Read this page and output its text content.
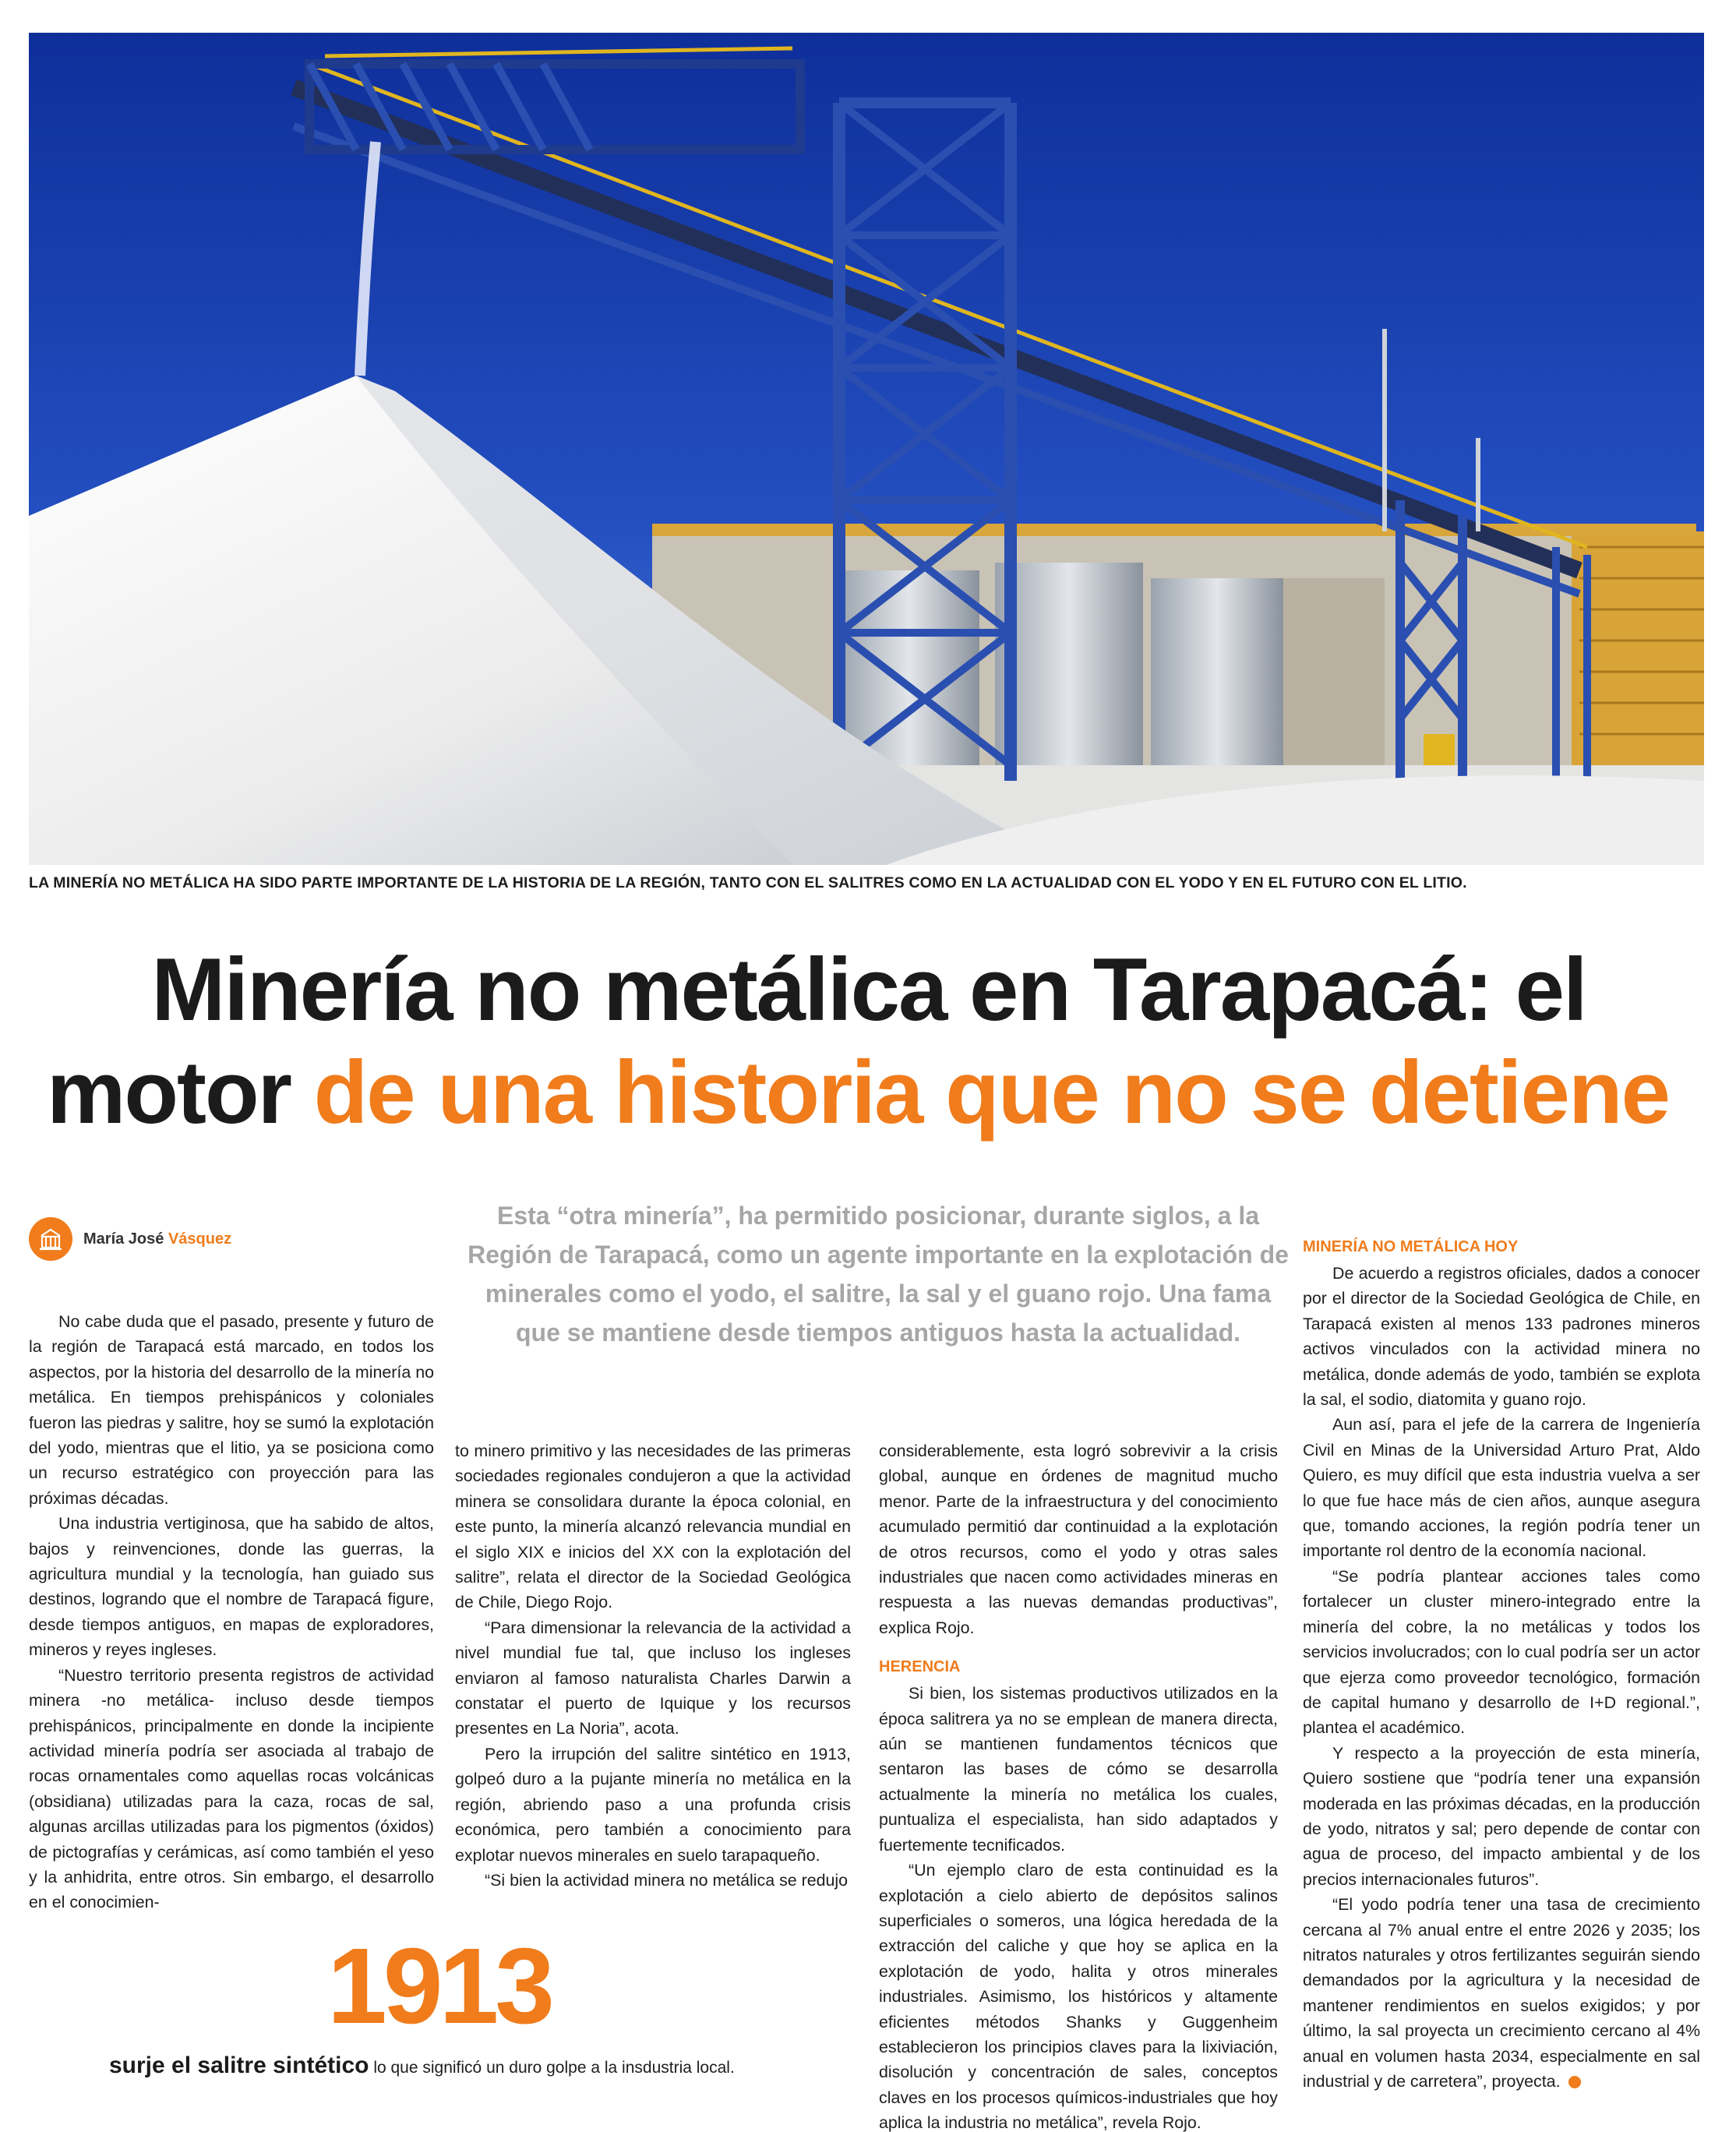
LA MINERÍA NO METÁLICA HA SIDO PARTE IMPORTANTE DE LA HISTORIA DE LA REGIÓN, TANTO CON EL SALITRES COMO EN LA ACTUALIDAD CON EL YODO Y EN EL FUTURO CON EL LITIO.
Minería no metálica en Tarapacá: el
motor de una historia que no se detiene
María José Vásquez
Esta “otra minería”, ha permitido posicionar, durante siglos, a la Región de Tarapacá, como un agente importante en la explotación de minerales como el yodo, el salitre, la sal y el guano rojo. Una fama que se mantiene desde tiempos antiguos hasta la actualidad.

No cabe duda que el pasado, presente y futuro de la región de Tarapacá está marcado, en todos los aspectos, por la historia del desarrollo de la minería no metálica. En tiempos prehispánicos y coloniales fueron las piedras y salitre, hoy se sumó la explotación del yodo, mientras que el litio, ya se posiciona como un recurso estratégico con proyección para las próximas décadas.

Una industria vertiginosa, que ha sabido de altos, bajos y reinvenciones, donde las guerras, la agricultura mundial y la tecnología, han guiado sus destinos, logrando que el nombre de Tarapacá figure, desde tiempos antiguos, en mapas de exploradores, mineros y reyes ingleses.

“Nuestro territorio presenta registros de actividad minera -no metálica- incluso desde tiempos prehispánicos, principalmente en donde la incipiente actividad minería podría ser asociada al trabajo de rocas ornamentales como aquellas rocas volcánicas (obsidiana) utilizadas para la caza, rocas de sal, algunas arcillas utilizadas para los pigmentos (óxidos) de pictografías y cerámicas, así como también el yeso y la anhidrita, entre otros. Sin embargo, el desarrollo en el conocimien-

to minero primitivo y las necesidades de las primeras sociedades regionales condujeron a que la actividad minera se consolidara durante la época colonial, en este punto, la minería alcanzó relevancia mundial en el siglo XIX e inicios del XX con la explotación del salitre”, relata el director de la Sociedad Geológica de Chile, Diego Rojo.

“Para dimensionar la relevancia de la actividad a nivel mundial fue tal, que incluso los ingleses enviaron al famoso naturalista Charles Darwin a constatar el puerto de Iquique y los recursos presentes en La Noria”, acota.

Pero la irrupción del salitre sintético en 1913, golpeó duro a la pujante minería no metálica en la región, abriendo paso a una profunda crisis económica, pero también a conocimiento para explotar nuevos minerales en suelo tarapaqueño.

“Si bien la actividad minera no metálica se redujo

considerablemente, esta logró sobrevivir a la crisis global, aunque en órdenes de magnitud mucho menor. Parte de la infraestructura y del conocimiento acumulado permitió dar continuidad a la explotación de otros recursos, como el yodo y otras sales industriales que nacen como actividades mineras en respuesta a las nuevas demandas productivas”, explica Rojo.

HERENCIA

Si bien, los sistemas productivos utilizados en la época salitrera ya no se emplean de manera directa, aún se mantienen fundamentos técnicos que sentaron las bases de cómo se desarrolla actualmente la minería no metálica los cuales, puntualiza el especialista, han sido adaptados y fuertemente tecnificados.

“Un ejemplo claro de esta continuidad es la explotación a cielo abierto de depósitos salinos superficiales o someros, una lógica heredada de la extracción del caliche y que hoy se aplica en la explotación de yodo, halita y otros minerales industriales. Asimismo, los históricos y altamente eficientes métodos Shanks y Guggenheim establecieron los principios claves para la lixiviación, disolución y concentración de sales, conceptos claves en los procesos químicos-industriales que hoy aplica la industria no metálica”, revela Rojo.

MINERÍA NO METÁLICA HOY

De acuerdo a registros oficiales, dados a conocer por el director de la Sociedad Geológica de Chile, en Tarapacá existen al menos 133 padrones mineros activos vinculados con la actividad minera no metálica, donde además de yodo, también se explota la sal, el sodio, diatomita y guano rojo.

Aun así, para el jefe de la carrera de Ingeniería Civil en Minas de la Universidad Arturo Prat, Aldo Quiero, es muy difícil que esta industria vuelva a ser lo que fue hace más de cien años, aunque asegura que, tomando acciones, la región podría tener un importante rol dentro de la economía nacional.

“Se podría plantear acciones tales como fortalecer un cluster minero-integrado entre la minería del cobre, la no metálicas y todos los servicios involucrados; con lo cual podría ser un actor que ejerza como proveedor tecnológico, formación de capital humano y desarrollo de I+D regional.”, plantea el académico.

Y respecto a la proyección de esta minería, Quiero sostiene que “podría tener una expansión moderada en las próximas décadas, en la producción de yodo, nitratos y sal; pero depende de contar con agua de proceso, del impacto ambiental y de los precios internacionales futuros”.

“El yodo podría tener una tasa de crecimiento cercana al 7% anual entre el entre 2026 y 2035; los nitratos naturales y otros fertilizantes seguirán siendo demandados por la agricultura y la necesidad de mantener rendimientos en suelos exigidos; y por último, la sal proyecta un crecimiento cercano al 4% anual en volumen hasta 2034, especialmente en sal industrial y de carretera”, proyecta.

1913
surje el salitre sintético lo que significó un duro golpe a la insdustria local.
